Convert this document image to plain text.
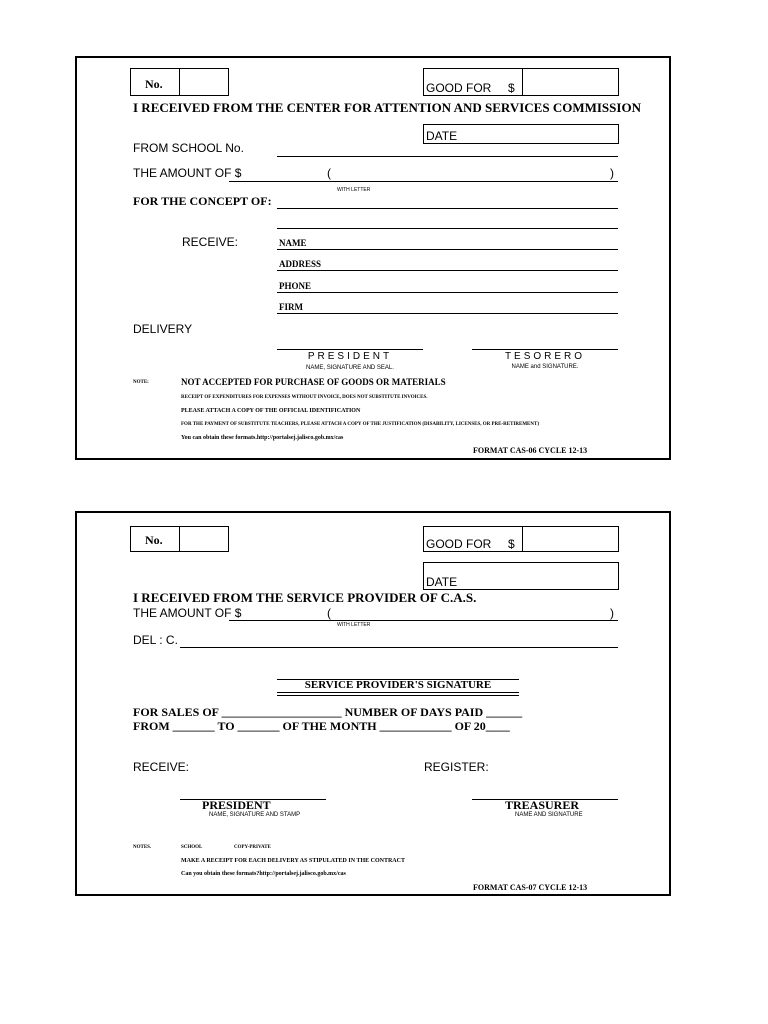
No.	GOOD FOR $
I RECEIVED FROM THE CENTER FOR ATTENTION AND SERVICES COMMISSION
DATE
FROM SCHOOL No.
THE AMOUNT OF $	(	)
WITH LETTER
FOR THE CONCEPT OF:
RECEIVE:	NAME
ADDRESS
PHONE
FIRM
DELIVERY
PRESIDENT
NAME, SIGNATURE AND SEAL.
TESORERO
NAME and SIGNATURE.
NOTE:	NOT ACCEPTED FOR PURCHASE OF GOODS OR MATERIALS
RECEIPT OF EXPENDITURES FOR EXPENSES WITHOUT INVOICE, DOES NOT SUBSTITUTE INVOICES.
PLEASE ATTACH A COPY OF THE OFFICIAL IDENTIFICATION
FOR THE PAYMENT OF SUBSTITUTE TEACHERS, PLEASE ATTACH A COPY OF THE JUSTIFICATION (DISABILITY, LICENSES, OR PRE-RETIREMENT)
You can obtain these formats.http://portalsej.jalisco.gob.mx/cas
FORMAT CAS-06 CYCLE 12-13
No.	GOOD FOR $
DATE
I RECEIVED FROM THE SERVICE PROVIDER OF C.A.S.
THE AMOUNT OF $	(	)
WITH LETTER
DEL : C.
SERVICE PROVIDER'S SIGNATURE
FOR SALES OF ____________________ NUMBER OF DAYS PAID ______
FROM _______ TO _______ OF THE MONTH ____________ OF 20____
RECEIVE:	REGISTER:
PRESIDENT
NAME, SIGNATURE AND STAMP
TREASURER
NAME AND SIGNATURE
NOTES.	SCHOOL	COPY-PRIVATE
MAKE A RECEIPT FOR EACH DELIVERY AS STIPULATED IN THE CONTRACT
Can you obtain these formats?http://portalsej.jalisco.gob.mx/cas
FORMAT CAS-07 CYCLE 12-13
